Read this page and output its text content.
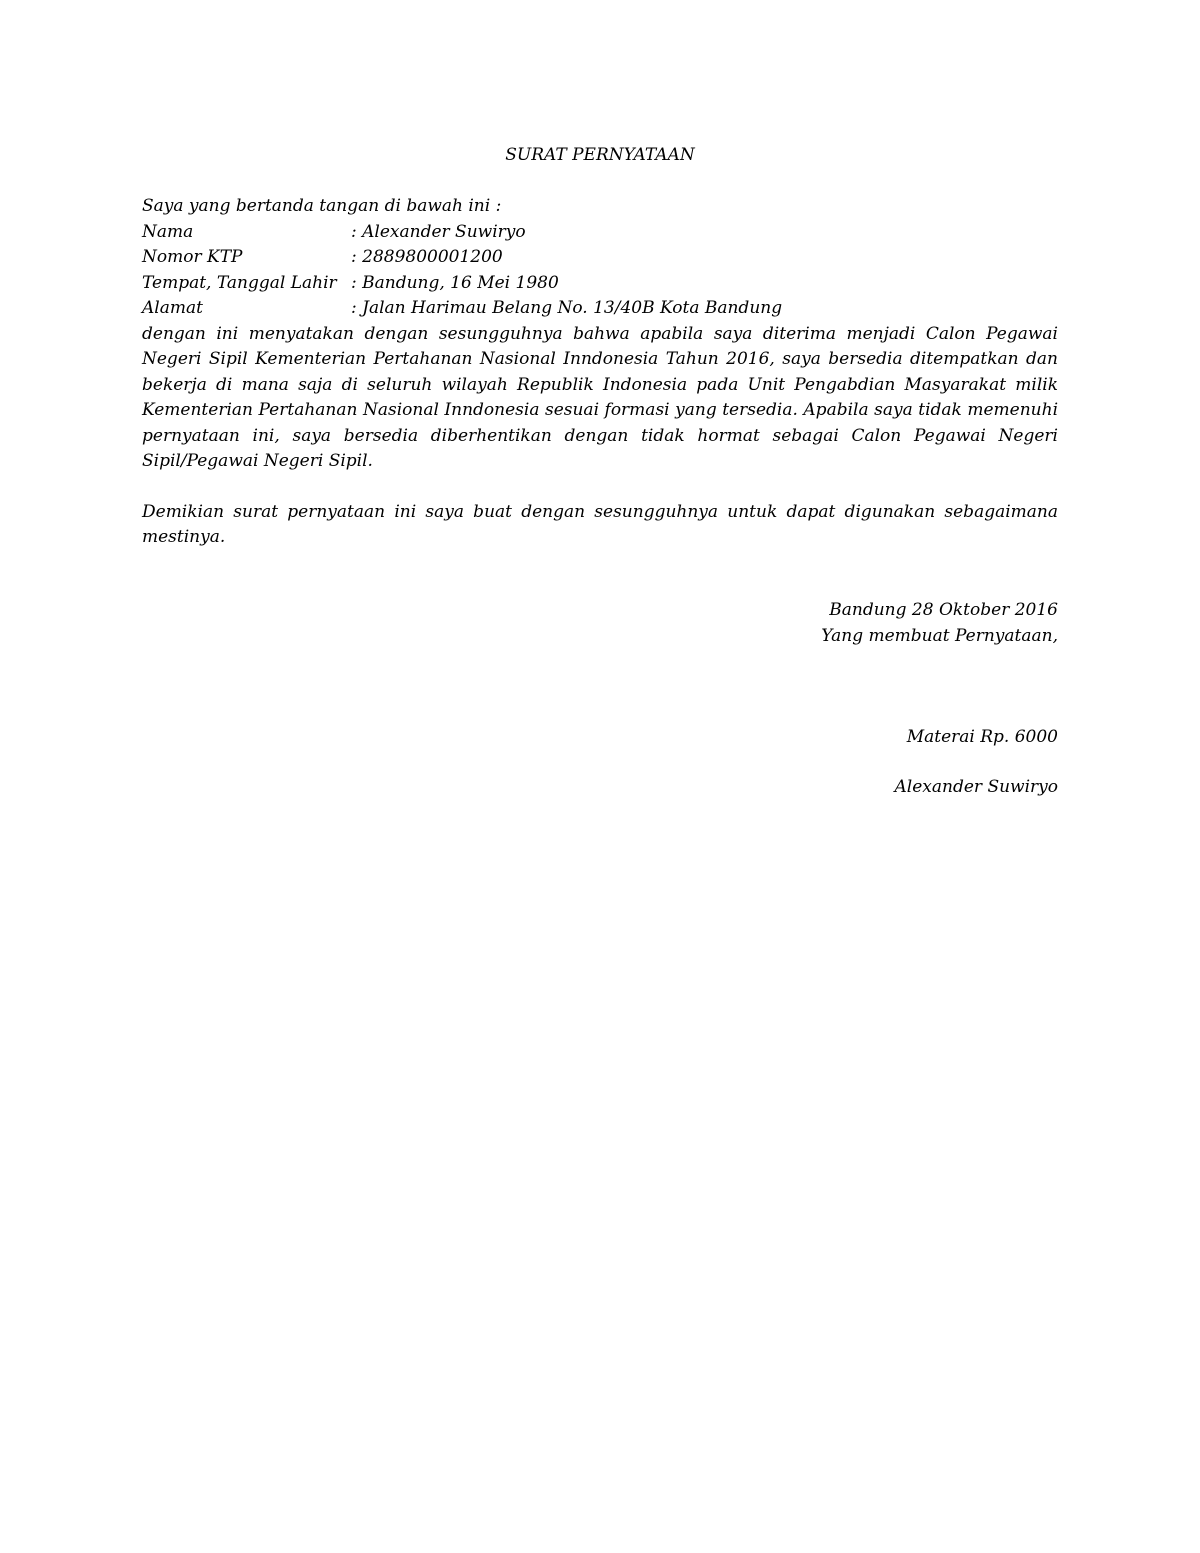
SURAT PERNYATAAN
Saya yang bertanda tangan di bawah ini :
Nama	: Alexander Suwiryo
Nomor KTP	: 2889800001200
Tempat, Tanggal Lahir : Bandung, 16 Mei 1980
Alamat	: Jalan Harimau Belang No. 13/40B Kota Bandung

dengan ini menyatakan dengan sesungguhnya bahwa apabila saya diterima menjadi Calon Pegawai Negeri Sipil Kementerian Pertahanan Nasional Inndonesia Tahun 2016, saya bersedia ditempatkan dan bekerja di mana saja di seluruh wilayah Republik Indonesia pada Unit Pengabdian Masyarakat milik Kementerian Pertahanan Nasional Inndonesia sesuai formasi yang tersedia. Apabila saya tidak memenuhi pernyataan ini, saya bersedia diberhentikan dengan tidak hormat sebagai Calon Pegawai Negeri Sipil/Pegawai Negeri Sipil.

Demikian surat pernyataan ini saya buat dengan sesungguhnya untuk dapat digunakan sebagaimana mestinya.

Bandung 28 Oktober 2016
Yang membuat Pernyataan,
Materai Rp. 6000
Alexander Suwiryo
